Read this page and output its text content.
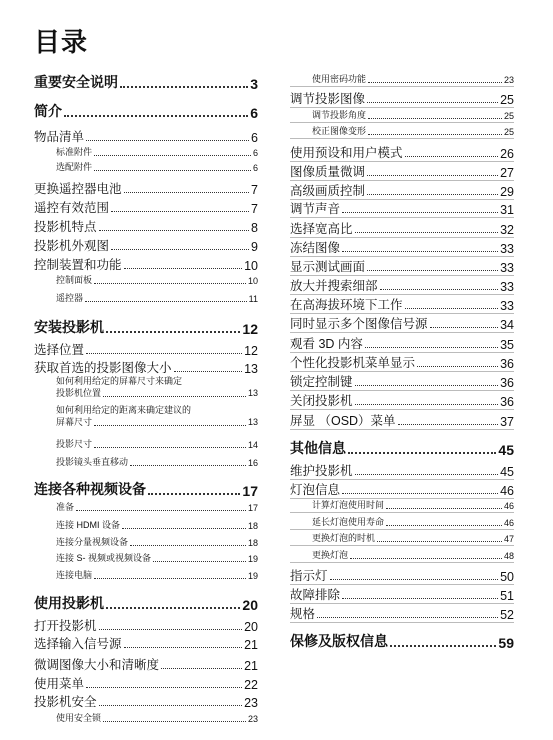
目录
重要安全说明	3
简介	6
物品清单	6
标准附件	6
选配附件	6
更换遥控器电池	7
遥控有效范围	7
投影机特点	8
投影机外观图	9
控制装置和功能	10
控制面板	10
遥控器	11
安装投影机	12
选择位置	12
获取首选的投影图像大小	13
如何利用给定的屏幕尺寸来确定
投影机位置	13
如何利用给定的距离来确定建议的
屏幕尺寸	13
投影尺寸	14
投影镜头垂直移动	16
连接各种视频设备	17
准备	17
连接 HDMI 设备	18
连接分量视频设备	18
连接 S- 视频或视频设备	19
连接电脑	19
使用投影机	20
打开投影机	20
选择输入信号源	21
微调图像大小和清晰度	21
使用菜单	22
投影机安全	23
使用安全锁	23
使用密码功能	23
调节投影图像	25
调节投影角度	25
校正图像变形	25
使用预设和用户模式	26
图像质量微调	27
高级画质控制	29
调节声音	31
选择宽高比	32
冻结图像	33
显示测试画面	33
放大并搜索细部	33
在高海拔环境下工作	33
同时显示多个图像信号源	34
观看 3D 内容	35
个性化投影机菜单显示	36
锁定控制键	36
关闭投影机	36
屏显 （OSD）菜单	37
其他信息	45
维护投影机	45
灯泡信息	46
计算灯泡使用时间	46
延长灯泡使用寿命	46
更换灯泡的时机	47
更换灯泡	48
指示灯	50
故障排除	51
规格	52
保修及版权信息	59
